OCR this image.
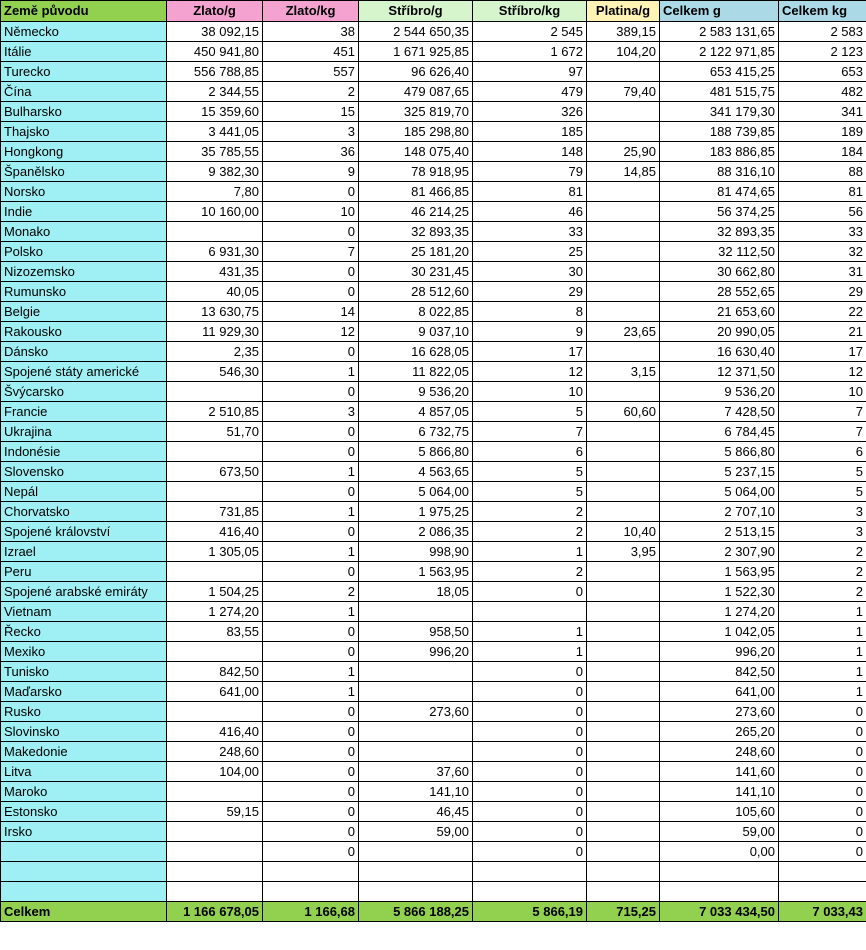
Země původu	Zlato/g	Zlato/kg	Stříbro/g	Stříbro/kg	Platina/g	Celkem g	Celkem kg
Německo	38 092,15	38	2 544 650,35	2 545	389,15	2 583 131,65	2 583
Itálie	450 941,80	451	1 671 925,85	1 672	104,20	2 122 971,85	2 123
Turecko	556 788,85	557	96 626,40	97		653 415,25	653
Čína	2 344,55	2	479 087,65	479	79,40	481 515,75	482
Bulharsko	15 359,60	15	325 819,70	326		341 179,30	341
Thajsko	3 441,05	3	185 298,80	185		188 739,85	189
Hongkong	35 785,55	36	148 075,40	148	25,90	183 886,85	184
Španělsko	9 382,30	9	78 918,95	79	14,85	88 316,10	88
Norsko	7,80	0	81 466,85	81		81 474,65	81
Indie	10 160,00	10	46 214,25	46		56 374,25	56
Monako		0	32 893,35	33		32 893,35	33
Polsko	6 931,30	7	25 181,20	25		32 112,50	32
Nizozemsko	431,35	0	30 231,45	30		30 662,80	31
Rumunsko	40,05	0	28 512,60	29		28 552,65	29
Belgie	13 630,75	14	8 022,85	8		21 653,60	22
Rakousko	11 929,30	12	9 037,10	9	23,65	20 990,05	21
Dánsko	2,35	0	16 628,05	17		16 630,40	17
Spojené státy americké	546,30	1	11 822,05	12	3,15	12 371,50	12
Švýcarsko		0	9 536,20	10		9 536,20	10
Francie	2 510,85	3	4 857,05	5	60,60	7 428,50	7
Ukrajina	51,70	0	6 732,75	7		6 784,45	7
Indonésie		0	5 866,80	6		5 866,80	6
Slovensko	673,50	1	4 563,65	5		5 237,15	5
Nepál		0	5 064,00	5		5 064,00	5
Chorvatsko	731,85	1	1 975,25	2		2 707,10	3
Spojené království	416,40	0	2 086,35	2	10,40	2 513,15	3
Izrael	1 305,05	1	998,90	1	3,95	2 307,90	2
Peru		0	1 563,95	2		1 563,95	2
Spojené arabské emiráty	1 504,25	2	18,05	0		1 522,30	2
Vietnam	1 274,20	1				1 274,20	1
Řecko	83,55	0	958,50	1		1 042,05	1
Mexiko		0	996,20	1		996,20	1
Tunisko	842,50	1		0		842,50	1
Maďarsko	641,00	1		0		641,00	1
Rusko		0	273,60	0		273,60	0
Slovinsko	416,40	0		0		265,20	0
Makedonie	248,60	0		0		248,60	0
Litva	104,00	0	37,60	0		141,60	0
Maroko		0	141,10	0		141,10	0
Estonsko	59,15	0	46,45	0		105,60	0
Irsko		0	59,00	0		59,00	0
		0		0		0,00	0

Celkem	1 166 678,05	1 166,68	5 866 188,25	5 866,19	715,25	7 033 434,50	7 033,43
